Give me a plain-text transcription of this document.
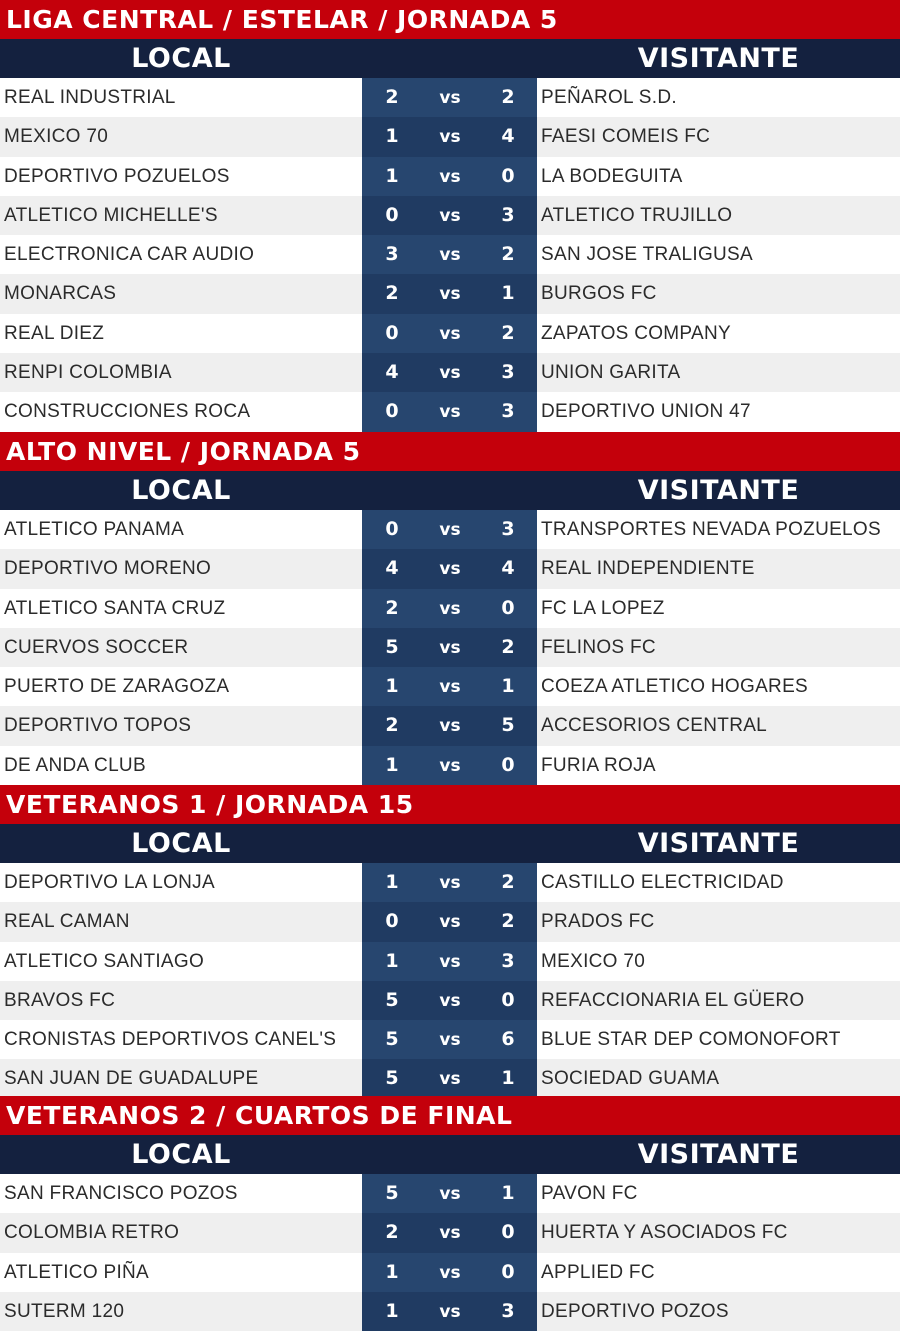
LIGA CENTRAL / ESTELAR / JORNADA 5
LOCAL	VISITANTE
REAL INDUSTRIAL	2	vs	2	PEÑAROL S.D.
MEXICO 70	1	vs	4	FAESI COMEIS FC
DEPORTIVO POZUELOS	1	vs	0	LA BODEGUITA
ATLETICO MICHELLE'S	0	vs	3	ATLETICO TRUJILLO
ELECTRONICA CAR AUDIO	3	vs	2	SAN JOSE TRALIGUSA
MONARCAS	2	vs	1	BURGOS FC
REAL DIEZ	0	vs	2	ZAPATOS COMPANY
RENPI COLOMBIA	4	vs	3	UNION GARITA
CONSTRUCCIONES ROCA	0	vs	3	DEPORTIVO UNION 47
ALTO NIVEL / JORNADA 5
LOCAL	VISITANTE
ATLETICO PANAMA	0	vs	3	TRANSPORTES NEVADA POZUELOS
DEPORTIVO MORENO	4	vs	4	REAL INDEPENDIENTE
ATLETICO SANTA CRUZ	2	vs	0	FC LA LOPEZ
CUERVOS SOCCER	5	vs	2	FELINOS FC
PUERTO DE ZARAGOZA	1	vs	1	COEZA ATLETICO HOGARES
DEPORTIVO TOPOS	2	vs	5	ACCESORIOS CENTRAL
DE ANDA CLUB	1	vs	0	FURIA ROJA
VETERANOS 1 / JORNADA 15
LOCAL	VISITANTE
DEPORTIVO LA LONJA	1	vs	2	CASTILLO ELECTRICIDAD
REAL CAMAN	0	vs	2	PRADOS FC
ATLETICO SANTIAGO	1	vs	3	MEXICO 70
BRAVOS FC	5	vs	0	REFACCIONARIA EL GÜERO
CRONISTAS DEPORTIVOS CANEL'S	5	vs	6	BLUE STAR DEP COMONOFORT
SAN JUAN DE GUADALUPE	5	vs	1	SOCIEDAD GUAMA
VETERANOS 2 / CUARTOS DE FINAL
LOCAL	VISITANTE
SAN FRANCISCO POZOS	5	vs	1	PAVON FC
COLOMBIA RETRO	2	vs	0	HUERTA Y ASOCIADOS FC
ATLETICO PIÑA	1	vs	0	APPLIED FC
SUTERM 120	1	vs	3	DEPORTIVO POZOS
